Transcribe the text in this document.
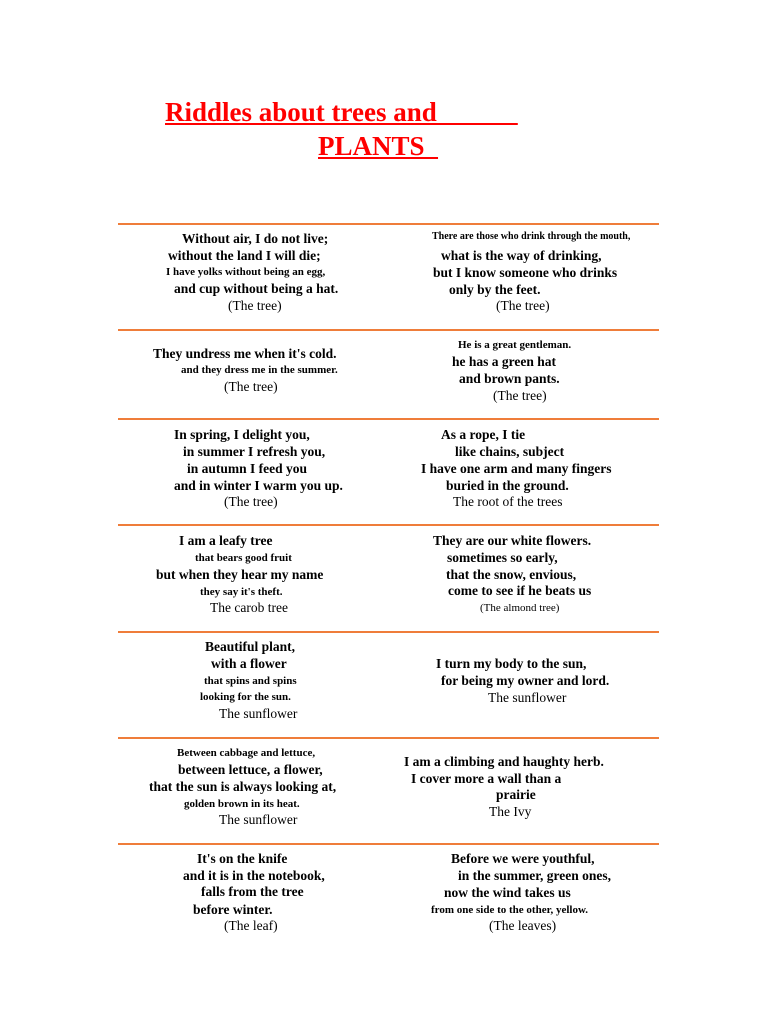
Riddles about trees and
PLANTS
Without air, I do not live;
without the land I will die;
I have yolks without being an egg,
and cup without being a hat.
(The tree)
There are those who drink through the mouth,
what is the way of drinking,
but I know someone who drinks
only by the feet.
(The tree)
They undress me when it's cold.
and they dress me in the summer.
(The tree)
He is a great gentleman.
he has a green hat
and brown pants.
(The tree)
In spring, I delight you,
in summer I refresh you,
in autumn I feed you
and in winter I warm you up.
(The tree)
As a rope, I tie
like chains, subject
I have one arm and many fingers
buried in the ground.
The root of the trees
I am a leafy tree
that bears good fruit
but when they hear my name
they say it's theft.
The carob tree
They are our white flowers.
sometimes so early,
that the snow, envious,
come to see if he beats us
(The almond tree)
Beautiful plant,
with a flower
that spins and spins
looking for the sun.
The sunflower
I turn my body to the sun,
for being my owner and lord.
The sunflower
Between cabbage and lettuce,
between lettuce, a flower,
that the sun is always looking at,
golden brown in its heat.
The sunflower
I am a climbing and haughty herb.
I cover more a wall than a
prairie
The Ivy
It's on the knife
and it is in the notebook,
falls from the tree
before winter.
(The leaf)
Before we were youthful,
in the summer, green ones,
now the wind takes us
from one side to the other, yellow.
(The leaves)
